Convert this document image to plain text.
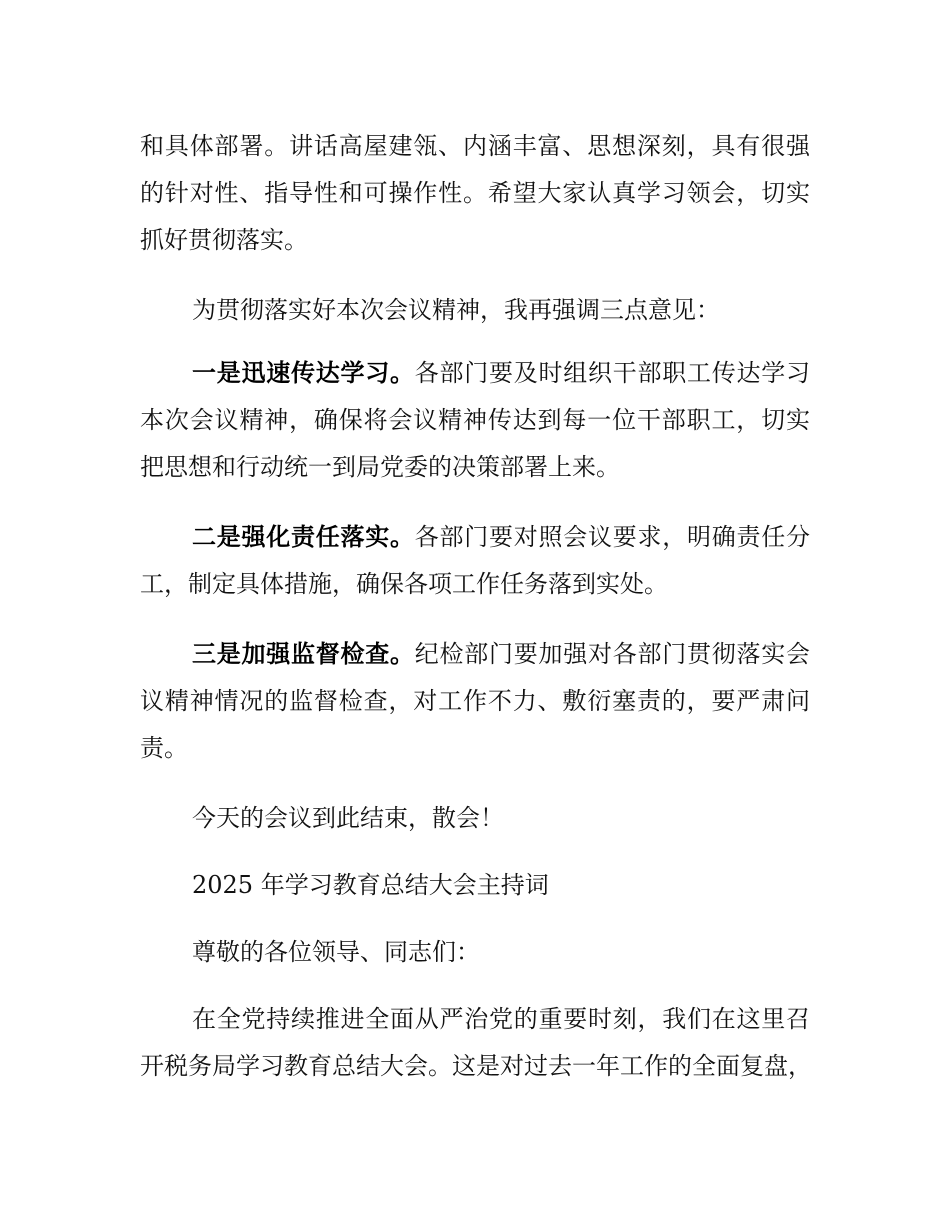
和具体部署。讲话高屋建瓴、内涵丰富、思想深刻，具有很强
的针对性、指导性和可操作性。希望大家认真学习领会，切实
抓好贯彻落实。
为贯彻落实好本次会议精神，我再强调三点意见：
一是迅速传达学习。各部门要及时组织干部职工传达学习
本次会议精神，确保将会议精神传达到每一位干部职工，切实
把思想和行动统一到局党委的决策部署上来。
二是强化责任落实。各部门要对照会议要求，明确责任分
工，制定具体措施，确保各项工作任务落到实处。
三是加强监督检查。纪检部门要加强对各部门贯彻落实会
议精神情况的监督检查，对工作不力、敷衍塞责的，要严肃问
责。
今天的会议到此结束，散会！
2025 年学习教育总结大会主持词
尊敬的各位领导、同志们：
在全党持续推进全面从严治党的重要时刻，我们在这里召
开税务局学习教育总结大会。这是对过去一年工作的全面复盘，
